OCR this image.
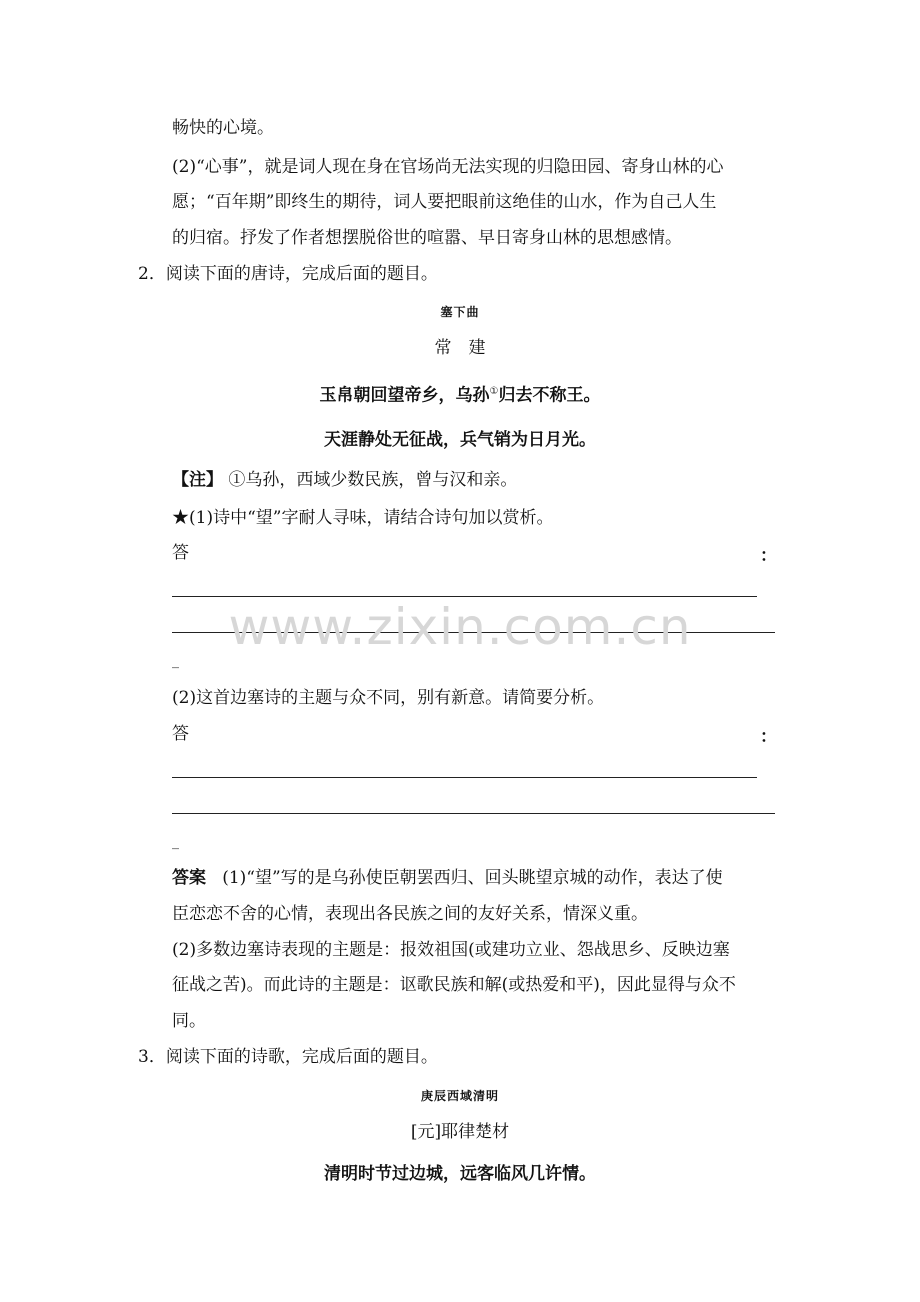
畅快的心境。
(2)“心事”，就是词人现在身在官场尚无法实现的归隐田园、寄身山林的心
愿；“百年期”即终生的期待，词人要把眼前这绝佳的山水，作为自己人生
的归宿。抒发了作者想摆脱俗世的喧嚣、早日寄身山林的思想感情。
2．阅读下面的唐诗，完成后面的题目。
塞下曲
常　建
玉帛朝回望帝乡，乌孙①归去不称王。
天涯静处无征战，兵气销为日月光。
【注】 ①乌孙，西域少数民族，曾与汉和亲。
★(1)诗中“望”字耐人寻味，请结合诗句加以赏析。
答	：
_
(2)这首边塞诗的主题与众不同，别有新意。请简要分析。
答	：
_
答案 (1)“望”写的是乌孙使臣朝罢西归、回头眺望京城的动作，表达了使
臣恋恋不舍的心情，表现出各民族之间的友好关系，情深义重。
(2)多数边塞诗表现的主题是：报效祖国(或建功立业、怨战思乡、反映边塞
征战之苦)。而此诗的主题是：讴歌民族和解(或热爱和平)，因此显得与众不
同。
3．阅读下面的诗歌，完成后面的题目。
庚辰西域清明
[元]耶律楚材
清明时节过边城，远客临风几许情。
www.zixin.com.cn
